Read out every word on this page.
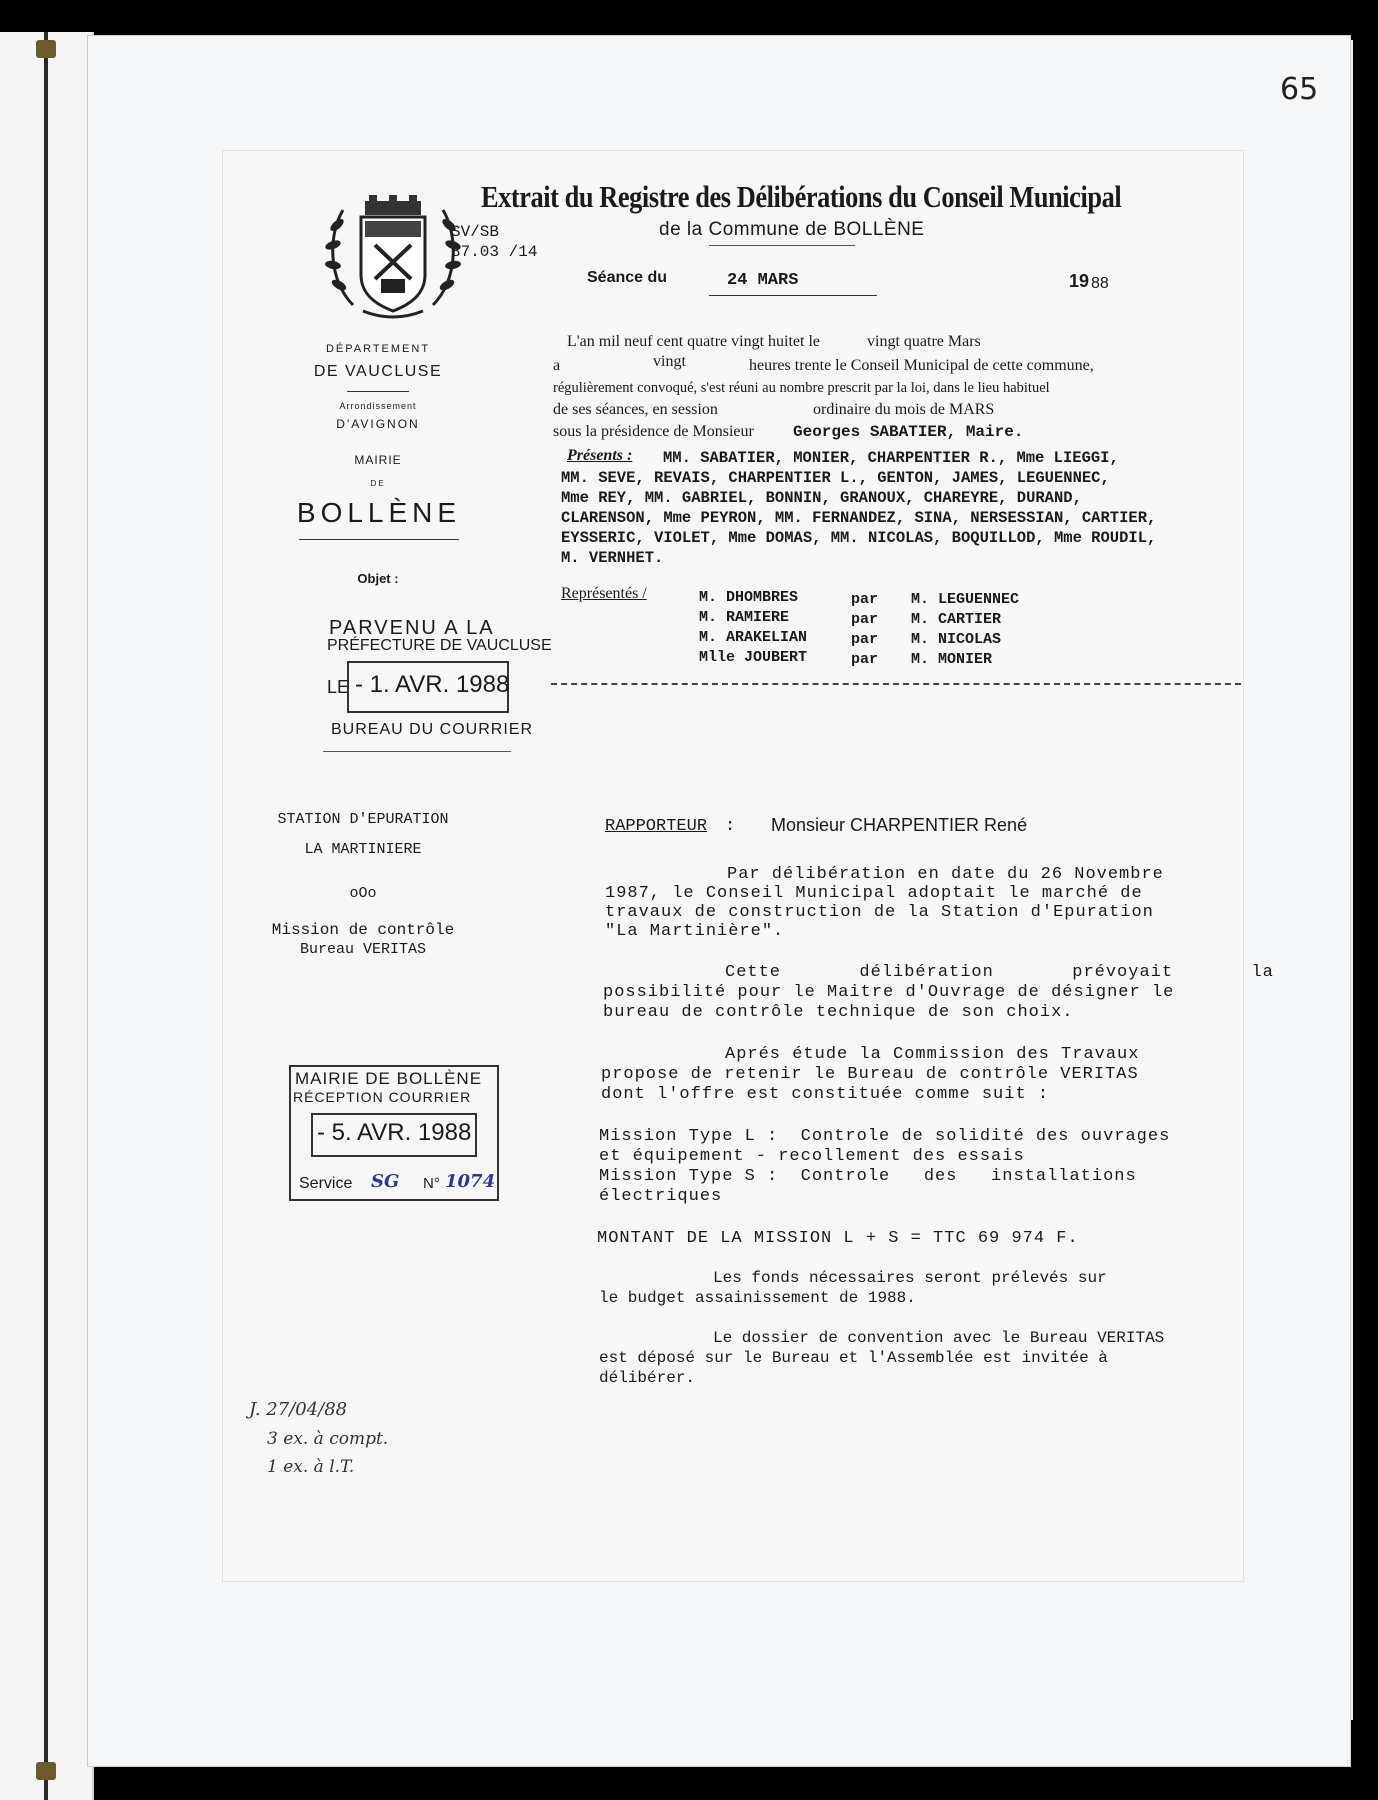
65
Extrait du Registre des Délibérations du Conseil Municipal
de la Commune de BOLLÈNE
SV/SB
87.03 /14
Séance du	24 MARS	19 88
DÉPARTEMENT
DE VAUCLUSE
Arrondissement
D'AVIGNON
MAIRIE
DE
BOLLÈNE
Objet :
L'an mil neuf cent quatre vingt huitet le	vingt quatre Mars
a	vingt	heures trente le Conseil Municipal de cette commune,
régulièrement convoqué, s'est réuni au nombre prescrit par la loi, dans le lieu habituel
de ses séances, en session	ordinaire du mois de MARS
sous la présidence de Monsieur Georges SABATIER, Maire.
Présents : MM. SABATIER, MONIER, CHARPENTIER R., Mme LIEGGI,
MM. SEVE, REVAIS, CHARPENTIER L., GENTON, JAMES, LEGUENNEC,
Mme REY, MM. GABRIEL, BONNIN, GRANOUX, CHAREYRE, DURAND,
CLARENSON, Mme PEYRON, MM. FERNANDEZ, SINA, NERSESSIAN, CARTIER,
EYSSERIC, VIOLET, Mme DOMAS, MM. NICOLAS, BOQUILLOD, Mme ROUDIL,
M. VERNHET.
Représentés /	M. DHOMBRES	par M. LEGUENNEC
M. RAMIERE	par M. CARTIER
M. ARAKELIAN	par M. NICOLAS
Mlle JOUBERT	par M. MONIER
PARVENU A LA
PRÉFECTURE DE VAUCLUSE
LE - 1. AVR. 1988
BUREAU DU COURRIER
STATION D'EPURATION
LA MARTINIERE
oOo
Mission de contrôle
Bureau VERITAS
MAIRIE DE BOLLÈNE
RÉCEPTION COURRIER
- 5. AVR. 1988
Service SG N° 1074
RAPPORTEUR : Monsieur CHARPENTIER René
Par délibération en date du 26 Novembre
1987, le Conseil Municipal adoptait le marché de
travaux de construction de la Station d'Epuration
"La Martinière".
Cette       délibération       prévoyait       la
possibilité pour le Maitre d'Ouvrage de désigner le
bureau de contrôle technique de son choix.
Aprés étude la Commission des Travaux
propose de retenir le Bureau de contrôle VERITAS
dont l'offre est constituée comme suit :
Mission Type L :  Controle de solidité des ouvrages
et équipement - recollement des essais
Mission Type S :  Controle   des   installations
électriques
MONTANT DE LA MISSION L + S = TTC 69 974 F.
Les fonds nécessaires seront prélevés sur
le budget assainissement de 1988.
Le dossier de convention avec le Bureau VERITAS
est déposé sur le Bureau et l'Assemblée est invitée à
délibérer.
J. 27/04/88
3 ex. à compt.
1 ex. à l.T.
